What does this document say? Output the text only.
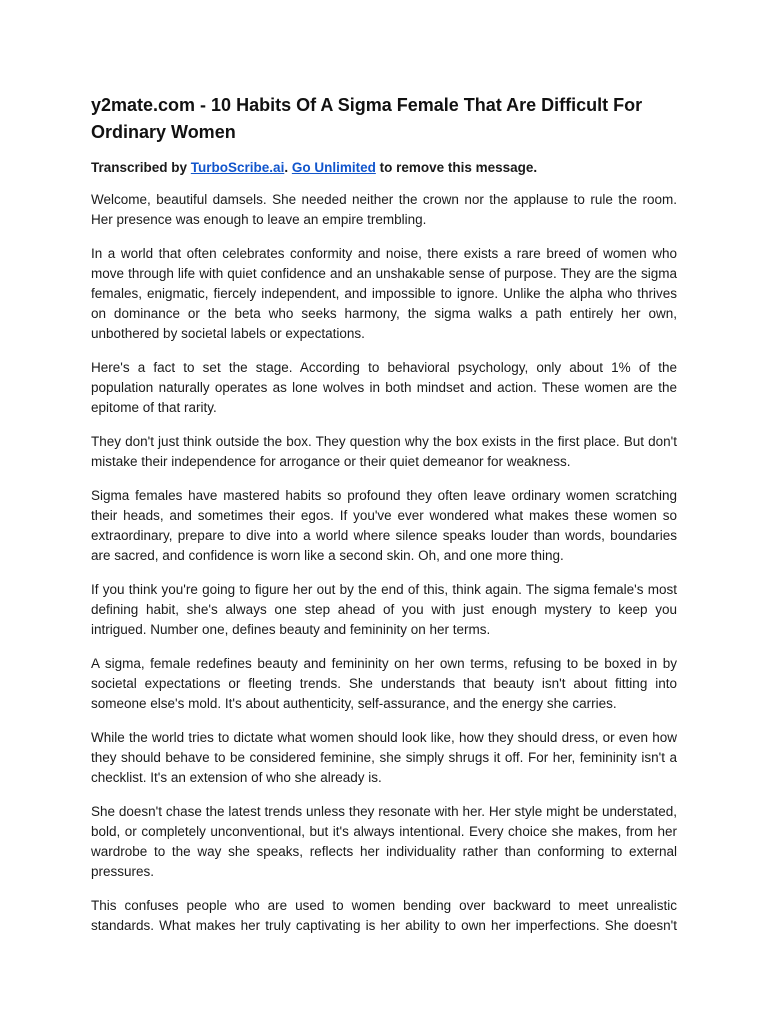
y2mate.com - 10 Habits Of A Sigma Female That Are Difficult For Ordinary Women
Transcribed by TurboScribe.ai. Go Unlimited to remove this message.

Welcome, beautiful damsels. She needed neither the crown nor the applause to rule the room. Her presence was enough to leave an empire trembling.

In a world that often celebrates conformity and noise, there exists a rare breed of women who move through life with quiet confidence and an unshakable sense of purpose. They are the sigma females, enigmatic, fiercely independent, and impossible to ignore. Unlike the alpha who thrives on dominance or the beta who seeks harmony, the sigma walks a path entirely her own, unbothered by societal labels or expectations.

Here's a fact to set the stage. According to behavioral psychology, only about 1% of the population naturally operates as lone wolves in both mindset and action. These women are the epitome of that rarity.

They don't just think outside the box. They question why the box exists in the first place. But don't mistake their independence for arrogance or their quiet demeanor for weakness.

Sigma females have mastered habits so profound they often leave ordinary women scratching their heads, and sometimes their egos. If you've ever wondered what makes these women so extraordinary, prepare to dive into a world where silence speaks louder than words, boundaries are sacred, and confidence is worn like a second skin. Oh, and one more thing.

If you think you're going to figure her out by the end of this, think again. The sigma female's most defining habit, she's always one step ahead of you with just enough mystery to keep you intrigued. Number one, defines beauty and femininity on her terms.

A sigma, female redefines beauty and femininity on her own terms, refusing to be boxed in by societal expectations or fleeting trends. She understands that beauty isn't about fitting into someone else's mold. It's about authenticity, self-assurance, and the energy she carries.

While the world tries to dictate what women should look like, how they should dress, or even how they should behave to be considered feminine, she simply shrugs it off. For her, femininity isn't a checklist. It's an extension of who she already is.

She doesn't chase the latest trends unless they resonate with her. Her style might be understated, bold, or completely unconventional, but it's always intentional. Every choice she makes, from her wardrobe to the way she speaks, reflects her individuality rather than conforming to external pressures.

This confuses people who are used to women bending over backward to meet unrealistic standards. What makes her truly captivating is her ability to own her imperfections. She doesn't
